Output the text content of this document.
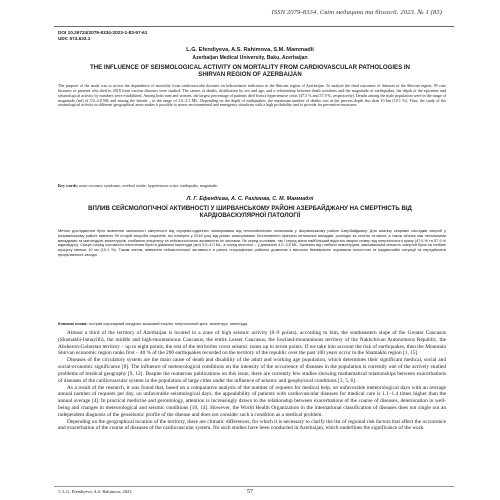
ISSN 2079-8334. Світ медицини та біології. 2023. № 1 (83)
DOI 10.26724/2079-8334-2023-1-83-57-61
UDC 574.633.1
L.G. Efendiyeva, A.S. Rahimova, S.M. Mammadli
Azerbaijan Medical University, Baku, Azerbaijan
THE INFLUENCE OF SEISMOLOGICAL ACTIVITY ON MORTALITY FROM CARDIOVASCULAR PATHOLOGIES IN SHIRVAN REGION OF AZERBAIJAN
The purpose of the study was to access the dependence of mortality from cardiovascular diseases on helioseismic indicators in the Shirvan region of Azerbaijan. To analyze the final outcomes of diseases in the Shirvan region, 99 case histories of patients who died in 2018 from various diseases were studied. The causes of deaths, distribution by sex and age, and a relationship between death accidents and the magnitude of earthquakes, the depth of the epicenter and seismological activity by numbers were established. Among both men and women, the largest percentage of patients died from a hypertensive crisis (47.5 % and 57.9 %, respectively). Deaths among the male population were in the range of magnitude (ml) of 3.0–4.0 ML and among the female – in the range of 3.0–3.5 ML. Depending on the depth of earthquakes, the maximum number of deaths was at the process depth less than 10 km (10.1 %). Thus, the study of the seismological activity in different geographical areas makes it possible to assess environmental and emergency situations with a high probability and to provide for preventive measures.
Key words: acute coronary syndrome, cerebral stroke, hypertensive crisis, earthquake, magnitude.
Л. Г. Ефендієва, А. С. Рахімова, С. М. Маммадлі
ВПЛИВ СЕЙСМОЛОГІЧНОЇ АКТИВНОСТІ У ШИРВАНСЬКОМУ РАЙОНІ АЗЕРБАЙДЖАНУ НА СМЕРТНІСТЬ ВІД КАРДІОВАСКУЛЯРНОЇ ПАТОЛОГІЇ
Метою дослідження було вивчення залежності смертності від серцево-судинних захворювань від геліосейсмічних показників у Ширванському районі Азербайджану. Для аналізу кінцевих наслідків хвороб у Ширванському районі вивчено 99 історій хвороби пацієнтів, які померли у 2018 році від різних захворювань. Встановлено причини летальних випадків, розподіл за статтю та віком, а також зв'язок між летальними випадками та магнітудою землетрусів, глибиною епіцентру та сейсмологічною активністю за числами. Як серед чоловіків, так і серед жінок найбільший відсоток хворих помер від гіпертонічного кризу (47,5 % та 57,9 % відповідно). Смерті серед чоловічого населення були в діапазоні магнітуди (мл) 3,0–4,0 ML, а серед жіночого – у діапазоні 4,0–3,5 ML. Залежно від глибини землетрусів, максимальна кількість смертей була на глибині процесу менше 10 км (10,1 %). Таким чином, вивчення сейсмологічної активності в різних географічних районах дозволяє з високою ймовірністю оцінювати екологічні та надзвичайні ситуації та передбачати профілактичні заходи.
Ключові слова: гострий коронарний синдром, мозковий інсульт, гіпертонічний криз, землетрус, магнітуда.

Almost a third of the territory of Azerbaijan is located in a zone of high seismic activity (8–9 points), according to him, the southeastern slope of the Greater Caucasus (Shamakhi-Ismayilli), the middle and high-mountainous Caucasus, the entire Lesser Caucasus, the lowland-mountainous territory of the Nakhchivan Autonomous Republic, the Absheron-Gobustan territory – up to eight points, the rest of the territories cover seismic zones up to seven points. If we take into account the risk of earthquakes, then the Mountain Shirvan economic region ranks first – 40 % of the 200 earthquakes recorded on the territory of the republic over the past 100 years occur in the Shamakhi region [1, 15].

Diseases of the circulatory system are the main cause of death and disability of the adult and working age population, which determines their significant medical, social and social-economic significance [8]. The influence of meteorological conditions on the intensity of the occurrence of diseases in the population is currently one of the actively studied problems of medical geography [9, 12]. Despite the numerous publications on this issue, there are currently few studies showing mathematical relationships between exacerbations of diseases of the cardiovascular system in the population of large cities under the influence of seismic and geophysical conditions [3, 5, 6].

As a result of the research, it was found that, based on a comparative analysis of the number of requests for medical help, on unfavorable meteorological days with an average annual number of requests per day, on unfavorable seismological days, the appealability of patients with cardiovascular diseases for medical care is 1.1–1.4 times higher than the annual average [4]. In practical medicine and gerontology, attention is increasingly drawn to the relationship between exacerbations of the course of diseases, deterioration in well-being and changes in meteorological and seismic conditions [10, 14]. However, the World Health Organization in the international classification of diseases does not single out an independent diagnosis of the geoseismic profile of the disease and does not consider such a condition as a medical problem.

Depending on the geographical location of the territory, there are climatic differences, for which it is necessary to clarify the list of regional risk factors that affect the occurrence and exacerbation of the course of diseases of the cardiovascular system. No such studies have been conducted in Azerbaijan, which underlines the significance of the work.

© L.G. Efendiyeva, A.S. Rahimova, 2023	57
